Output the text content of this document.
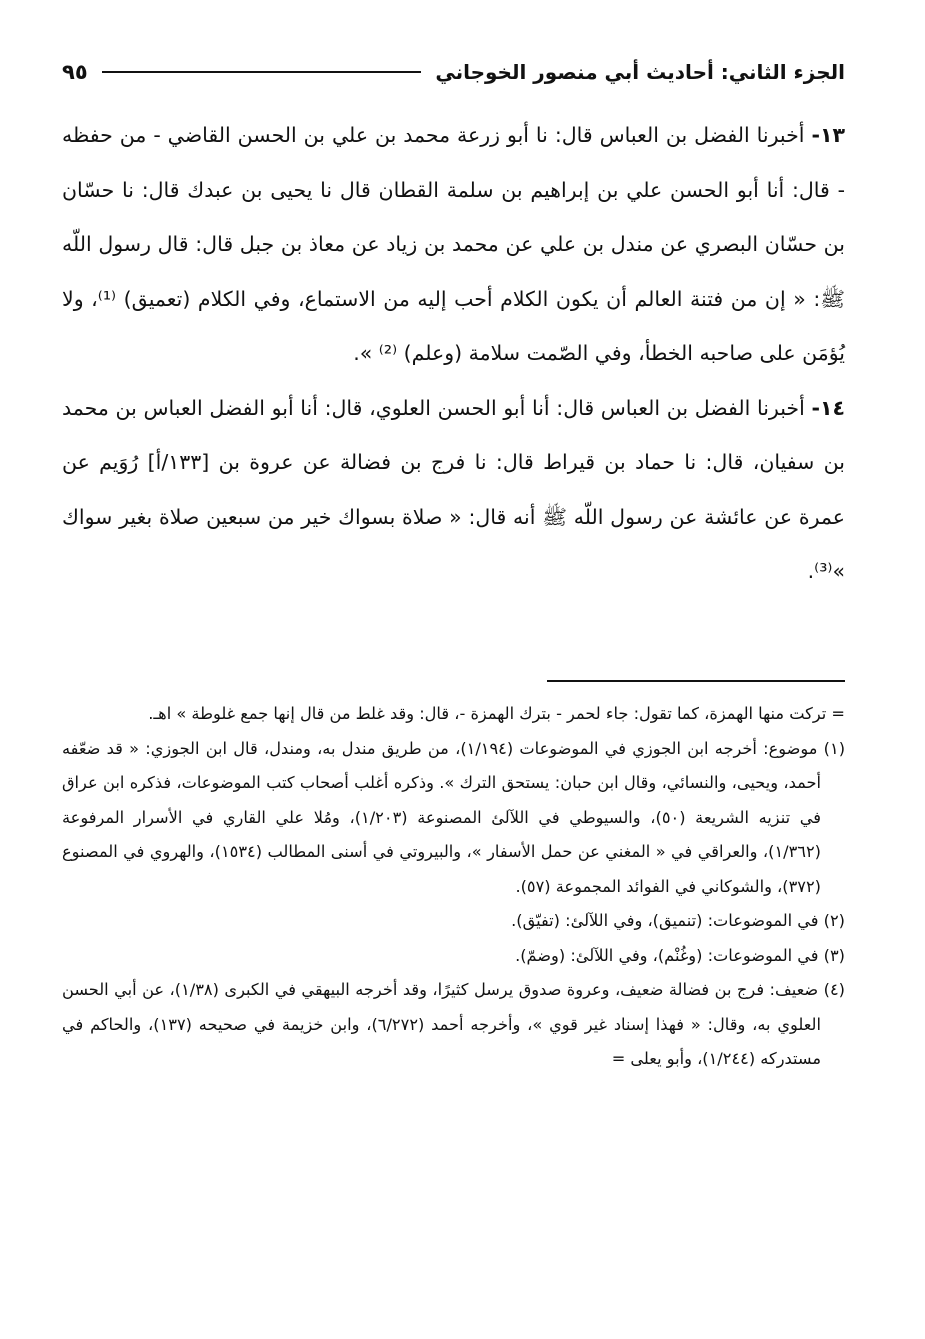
الجزء الثاني: أحاديث أبي منصور الخوجاني
٩٥

١٣- أخبرنا الفضل بن العباس قال: نا أبو زرعة محمد بن علي بن الحسن القاضي - من حفظه - قال: أنا أبو الحسن علي بن إبراهيم بن سلمة القطان قال نا يحيى بن عبدك قال: نا حسّان بن حسّان البصري عن مندل بن علي عن محمد بن زياد عن معاذ بن جبل قال: قال رسول اللّه ﷺ: « إن من فتنة العالم أن يكون الكلام أحب إليه من الاستماع، وفي الكلام (تعميق) ⁽¹⁾، ولا يُؤمَن على صاحبه الخطأ، وفي الصّمت سلامة (وعلم) ⁽²⁾ ».

١٤- أخبرنا الفضل بن العباس قال: أنا أبو الحسن العلوي، قال: أنا أبو الفضل العباس بن محمد بن سفيان، قال: نا حماد بن قيراط قال: نا فرج بن فضالة عن عروة بن [١٣٣/أ] رُوَيم عن عمرة عن عائشة عن رسول اللّه ﷺ أنه قال: « صلاة بسواك خير من سبعين صلاة بغير سواك »⁽³⁾.

= تركت منها الهمزة، كما تقول: جاء لحمر - بترك الهمزة -، قال: وقد غلط من قال إنها جمع غلوطة » اهـ.

(١) موضوع: أخرجه ابن الجوزي في الموضوعات (١/١٩٤)، من طريق مندل به، ومندل، قال ابن الجوزي: « قد ضعّفه أحمد، ويحيى، والنسائي، وقال ابن حبان: يستحق الترك ». وذكره أغلب أصحاب كتب الموضوعات، فذكره ابن عراق في تنزيه الشريعة (٥٠)، والسيوطي في اللآلئ المصنوعة (١/٢٠٣)، ومُلا علي القاري في الأسرار المرفوعة (١/٣٦٢)، والعراقي في « المغني عن حمل الأسفار »، والبيروتي في أسنى المطالب (١٥٣٤)، والهروي في المصنوع (٣٧٢)، والشوكاني في الفوائد المجموعة (٥٧).

(٢) في الموضوعات: (تنميق)، وفي اللآلئ: (تفيّق).

(٣) في الموضوعات: (وغُنْم)، وفي اللآلئ: (وضمّ).

(٤) ضعيف: فرج بن فضالة ضعيف، وعروة صدوق يرسل كثيرًا، وقد أخرجه البيهقي في الكبرى (١/٣٨)، عن أبي الحسن العلوي به، وقال: « فهذا إسناد غير قوي »، وأخرجه أحمد (٦/٢٧٢)، وابن خزيمة في صحيحه (١٣٧)، والحاكم في مستدركه (١/٢٤٤)، وأبو يعلى =
